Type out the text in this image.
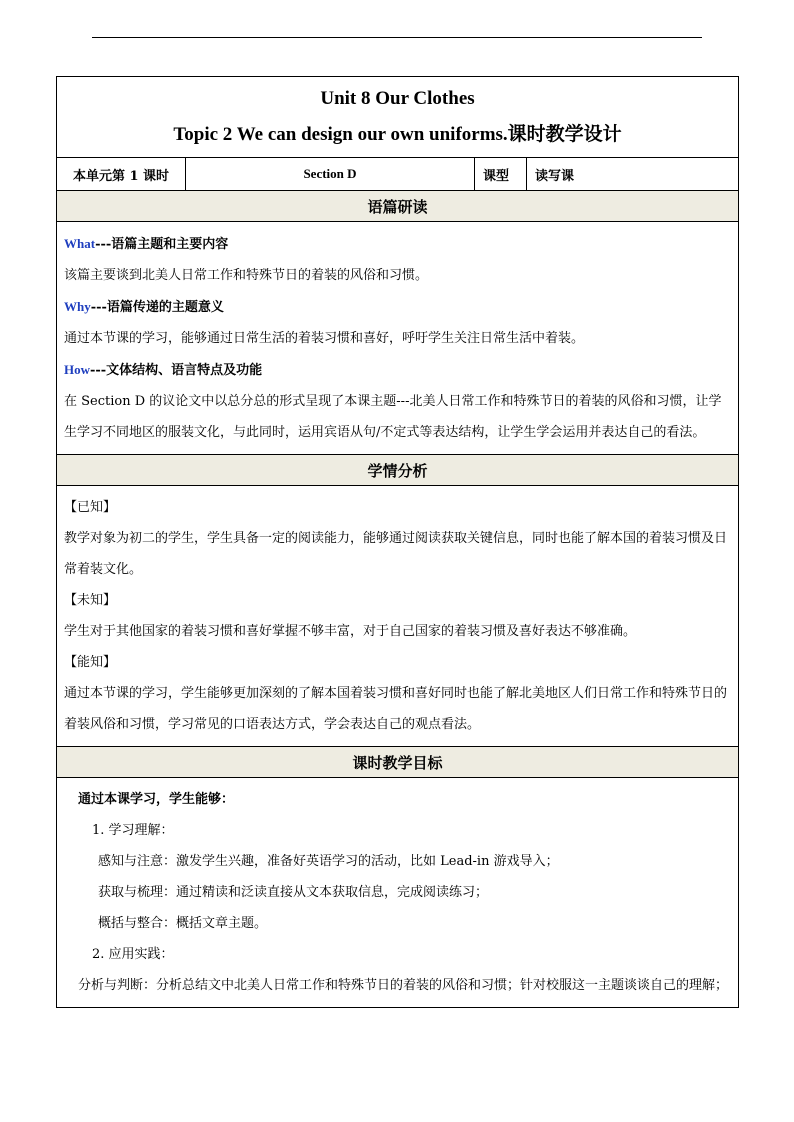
Unit 8 Our Clothes
Topic 2 We can design our own uniforms.课时教学设计

本单元第 1 课时	Section D	课型	读写课
语篇研读

What---语篇主题和主要内容

该篇主要谈到北美人日常工作和特殊节日的着装的风俗和习惯。

Why---语篇传递的主题意义

通过本节课的学习，能够通过日常生活的着装习惯和喜好，呼吁学生关注日常生活中着装。

How---文体结构、语言特点及功能

在 Section D 的议论文中以总分总的形式呈现了本课主题---北美人日常工作和特殊节日的着装的风俗和习惯，让学生学习不同地区的服装文化，与此同时，运用宾语从句/不定式等表达结构，让学生学会运用并表达自己的看法。

学情分析

【已知】

教学对象为初二的学生，学生具备一定的阅读能力，能够通过阅读获取关键信息，同时也能了解本国的着装习惯及日常着装文化。

【未知】

学生对于其他国家的着装习惯和喜好掌握不够丰富，对于自己国家的着装习惯及喜好表达不够准确。

【能知】

通过本节课的学习，学生能够更加深刻的了解本国着装习惯和喜好同时也能了解北美地区人们日常工作和特殊节日的着装风俗和习惯，学习常见的口语表达方式，学会表达自己的观点看法。

课时教学目标

通过本课学习，学生能够：

1. 学习理解：

感知与注意：激发学生兴趣，准备好英语学习的活动，比如 Lead-in 游戏导入；

获取与梳理：通过精读和泛读直接从文本获取信息，完成阅读练习；

概括与整合：概括文章主题。

2. 应用实践：

分析与判断：分析总结文中北美人日常工作和特殊节日的着装的风俗和习惯；针对校服这一主题谈谈自己的理解；
